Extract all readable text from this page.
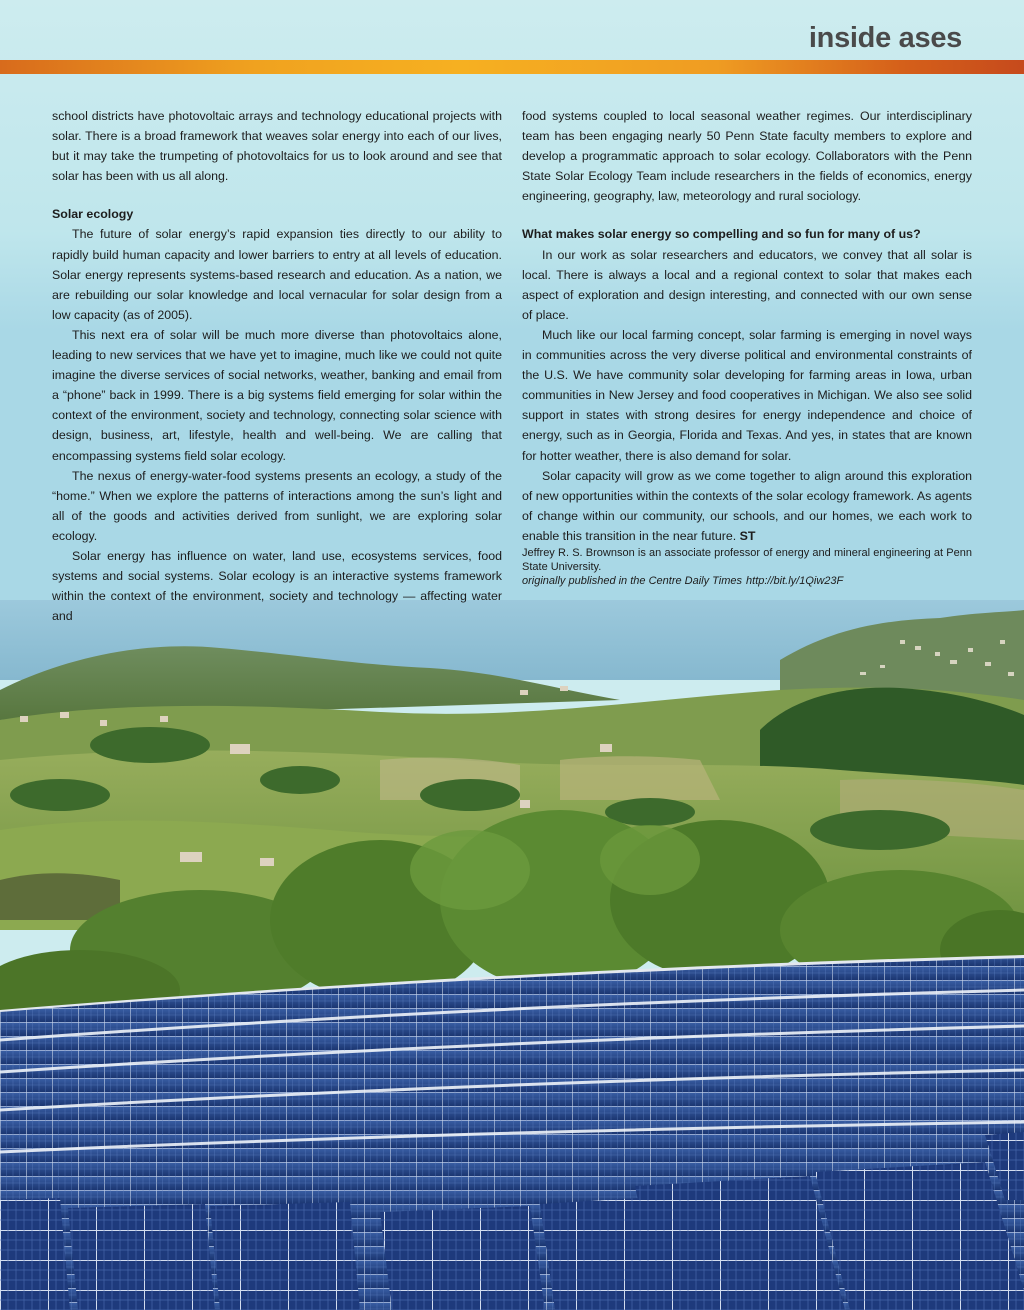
inside ases

school districts have photovoltaic arrays and technology educational projects with solar. There is a broad framework that weaves solar energy into each of our lives, but it may take the trumpeting of photovoltaics for us to look around and see that solar has been with us all along.

Solar ecology

The future of solar energy’s rapid expansion ties directly to our ability to rapidly build human capacity and lower barriers to entry at all levels of education. Solar energy represents systems-based research and education. As a nation, we are rebuilding our solar knowledge and local vernacular for solar design from a low capacity (as of 2005).

This next era of solar will be much more diverse than photovoltaics alone, leading to new services that we have yet to imagine, much like we could not quite imagine the diverse services of social networks, weather, banking and email from a “phone” back in 1999. There is a big systems field emerging for solar within the context of the environment, society and technology, connecting solar science with design, business, art, lifestyle, health and well-being. We are calling that encompassing systems field solar ecology.

The nexus of energy-water-food systems presents an ecology, a study of the “home.” When we explore the patterns of interactions among the sun’s light and all of the goods and activities derived from sunlight, we are exploring solar ecology.

Solar energy has influence on water, land use, ecosystems services, food systems and social systems. Solar ecology is an interactive systems framework within the context of the environment, society and technology — affecting water and

food systems coupled to local seasonal weather regimes. Our interdisciplinary team has been engaging nearly 50 Penn State faculty members to explore and develop a programmatic approach to solar ecology. Collaborators with the Penn State Solar Ecology Team include researchers in the fields of economics, energy engineering, geography, law, meteorology and rural sociology.

What makes solar energy so compelling and so fun for many of us?

In our work as solar researchers and educators, we convey that all solar is local. There is always a local and a regional context to solar that makes each aspect of exploration and design interesting, and connected with our own sense of place.

Much like our local farming concept, solar farming is emerging in novel ways in communities across the very diverse political and environmental constraints of the U.S. We have community solar developing for farming areas in Iowa, urban communities in New Jersey and food cooperatives in Michigan. We also see solid support in states with strong desires for energy independence and choice of energy, such as in Georgia, Florida and Texas. And yes, in states that are known for hotter weather, there is also demand for solar.

Solar capacity will grow as we come together to align around this exploration of new opportunities within the contexts of the solar ecology framework. As agents of change within our community, our schools, and our homes, we each work to enable this transition in the near future. ST

Jeffrey R. S. Brownson is an associate professor of energy and mineral engineering at Penn State University.

originally published in the Centre Daily Times http://bit.ly/1Qiw23F
